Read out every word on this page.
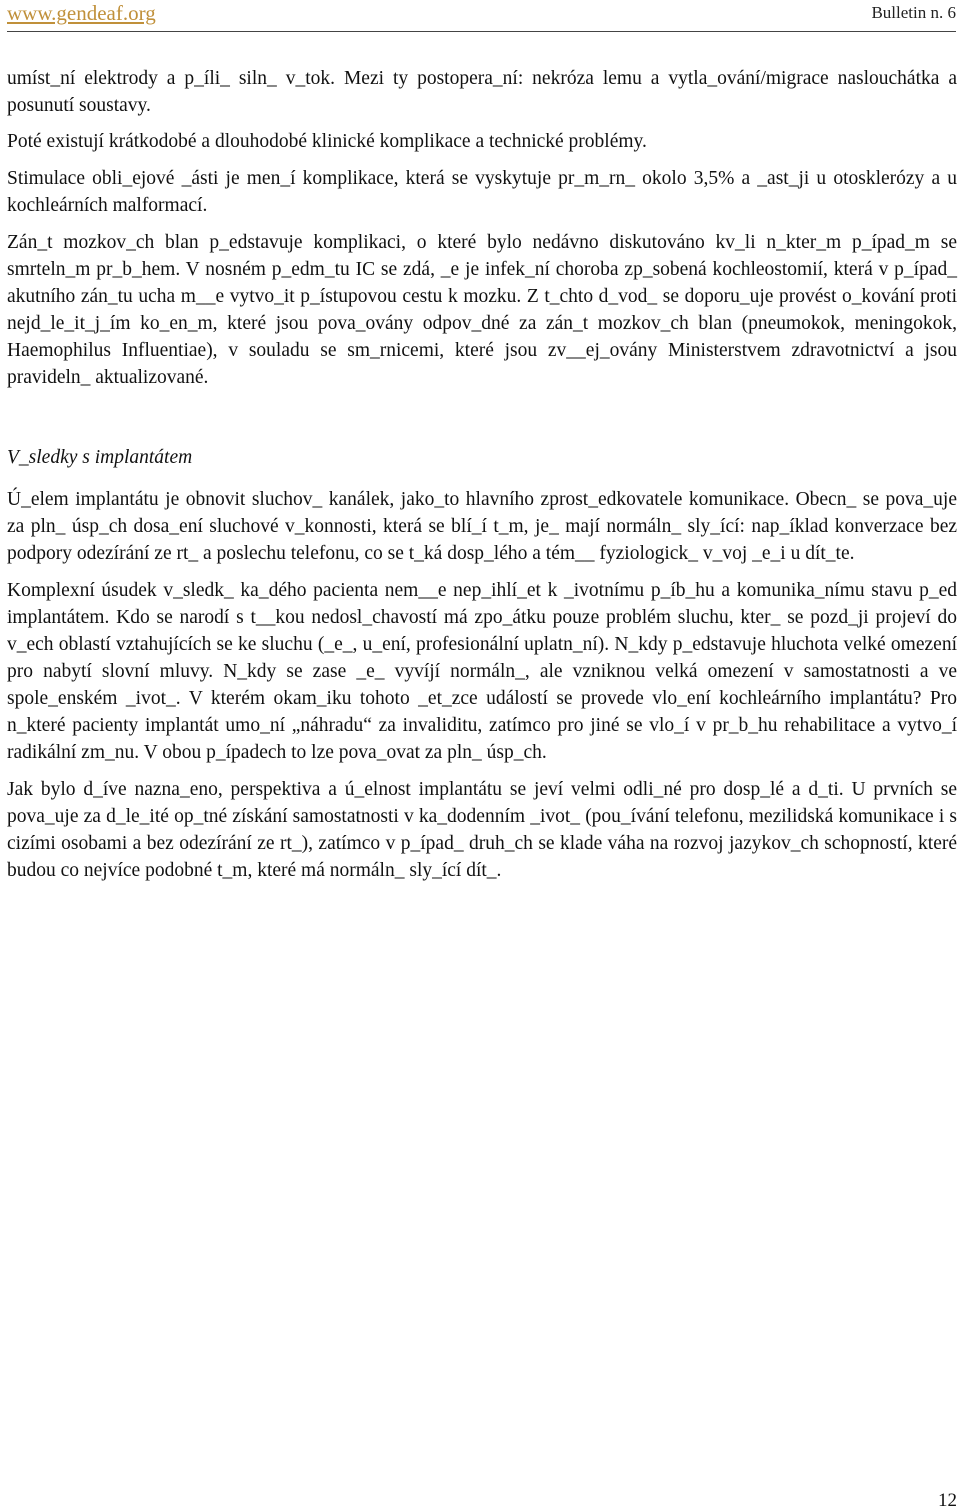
www.gendeaf.org	Bulletin n. 6

umíst_ní elektrody a p_íli_ siln_ v_tok. Mezi ty postopera_ní: nekróza lemu a vytla_ování/migrace naslouchátka a posunutí soustavy.

Poté existují krátkodobé a dlouhodobé klinické komplikace a technické problémy.

Stimulace obli_ejové _ásti je men_í komplikace, která se vyskytuje pr_m_rn_ okolo 3,5% a _ast_ji u otosklerózy a u kochleárních malformací.

Zán_t mozkov_ch blan p_edstavuje komplikaci, o které bylo nedávno diskutováno kv_li n_kter_m p_ípad_m se smrteln_m pr_b_hem. V nosném p_edm_tu IC se zdá, _e je infek_ní choroba zp_sobená kochleostomií, která v p_ípad_ akutního zán_tu ucha m__e vytvo_it p_ístupovou cestu k mozku. Z t_chto d_vod_ se doporu_uje provést o_kování proti nejd_le_it_j_ím ko_en_m, které jsou pova_ovány odpov_dné za zán_t mozkov_ch blan (pneumokok, meningokok, Haemophilus Influentiae), v souladu se sm_rnicemi, které jsou zv__ej_ovány Ministerstvem zdravotnictví a jsou pravideln_ aktualizované.

V_sledky s implantátem

Ú_elem implantátu je obnovit sluchov_ kanálek, jako_to hlavního zprost_edkovatele komunikace. Obecn_ se pova_uje za pln_ úsp_ch dosa_ení sluchové v_konnosti, která se blí_í t_m, je_ mají normáln_ sly_ící: nap_íklad konverzace bez podpory odezírání ze rt_ a poslechu telefonu, co se t_ká dosp_lého a tém__ fyziologick_ v_voj _e_i u dít_te.

Komplexní úsudek v_sledk_ ka_dého pacienta nem__e nep_ihlí_et k _ivotnímu p_íb_hu a komunika_nímu stavu p_ed implantátem. Kdo se narodí s t__kou nedosl_chavostí má zpo_átku pouze problém sluchu, kter_ se pozd_ji projeví do v_ech oblastí vztahujících se ke sluchu (_e_, u_ení, profesionální uplatn_ní). N_kdy p_edstavuje hluchota velké omezení pro nabytí slovní mluvy. N_kdy se zase _e_ vyvíjí normáln_, ale vzniknou velká omezení v samostatnosti a ve spole_enském _ivot_. V kterém okam_iku tohoto _et_zce událostí se provede vlo_ení kochleárního implantátu? Pro n_které pacienty implantát umo_ní „náhradu“ za invaliditu, zatímco pro jiné se vlo_í v pr_b_hu rehabilitace a vytvo_í radikální zm_nu. V obou p_ípadech to lze pova_ovat za pln_ úsp_ch.

Jak bylo d_íve nazna_eno, perspektiva a ú_elnost implantátu se jeví velmi odli_né pro dosp_lé a d_ti. U prvních se pova_uje za d_le_ité op_tné získání samostatnosti v ka_dodenním _ivot_ (pou_ívání telefonu, mezilidská komunikace i s cizími osobami a bez odezírání ze rt_), zatímco v p_ípad_ druh_ch se klade váha na rozvoj jazykov_ch schopností, které budou co nejvíce podobné t_m, které má normáln_ sly_ící dít_.

12
